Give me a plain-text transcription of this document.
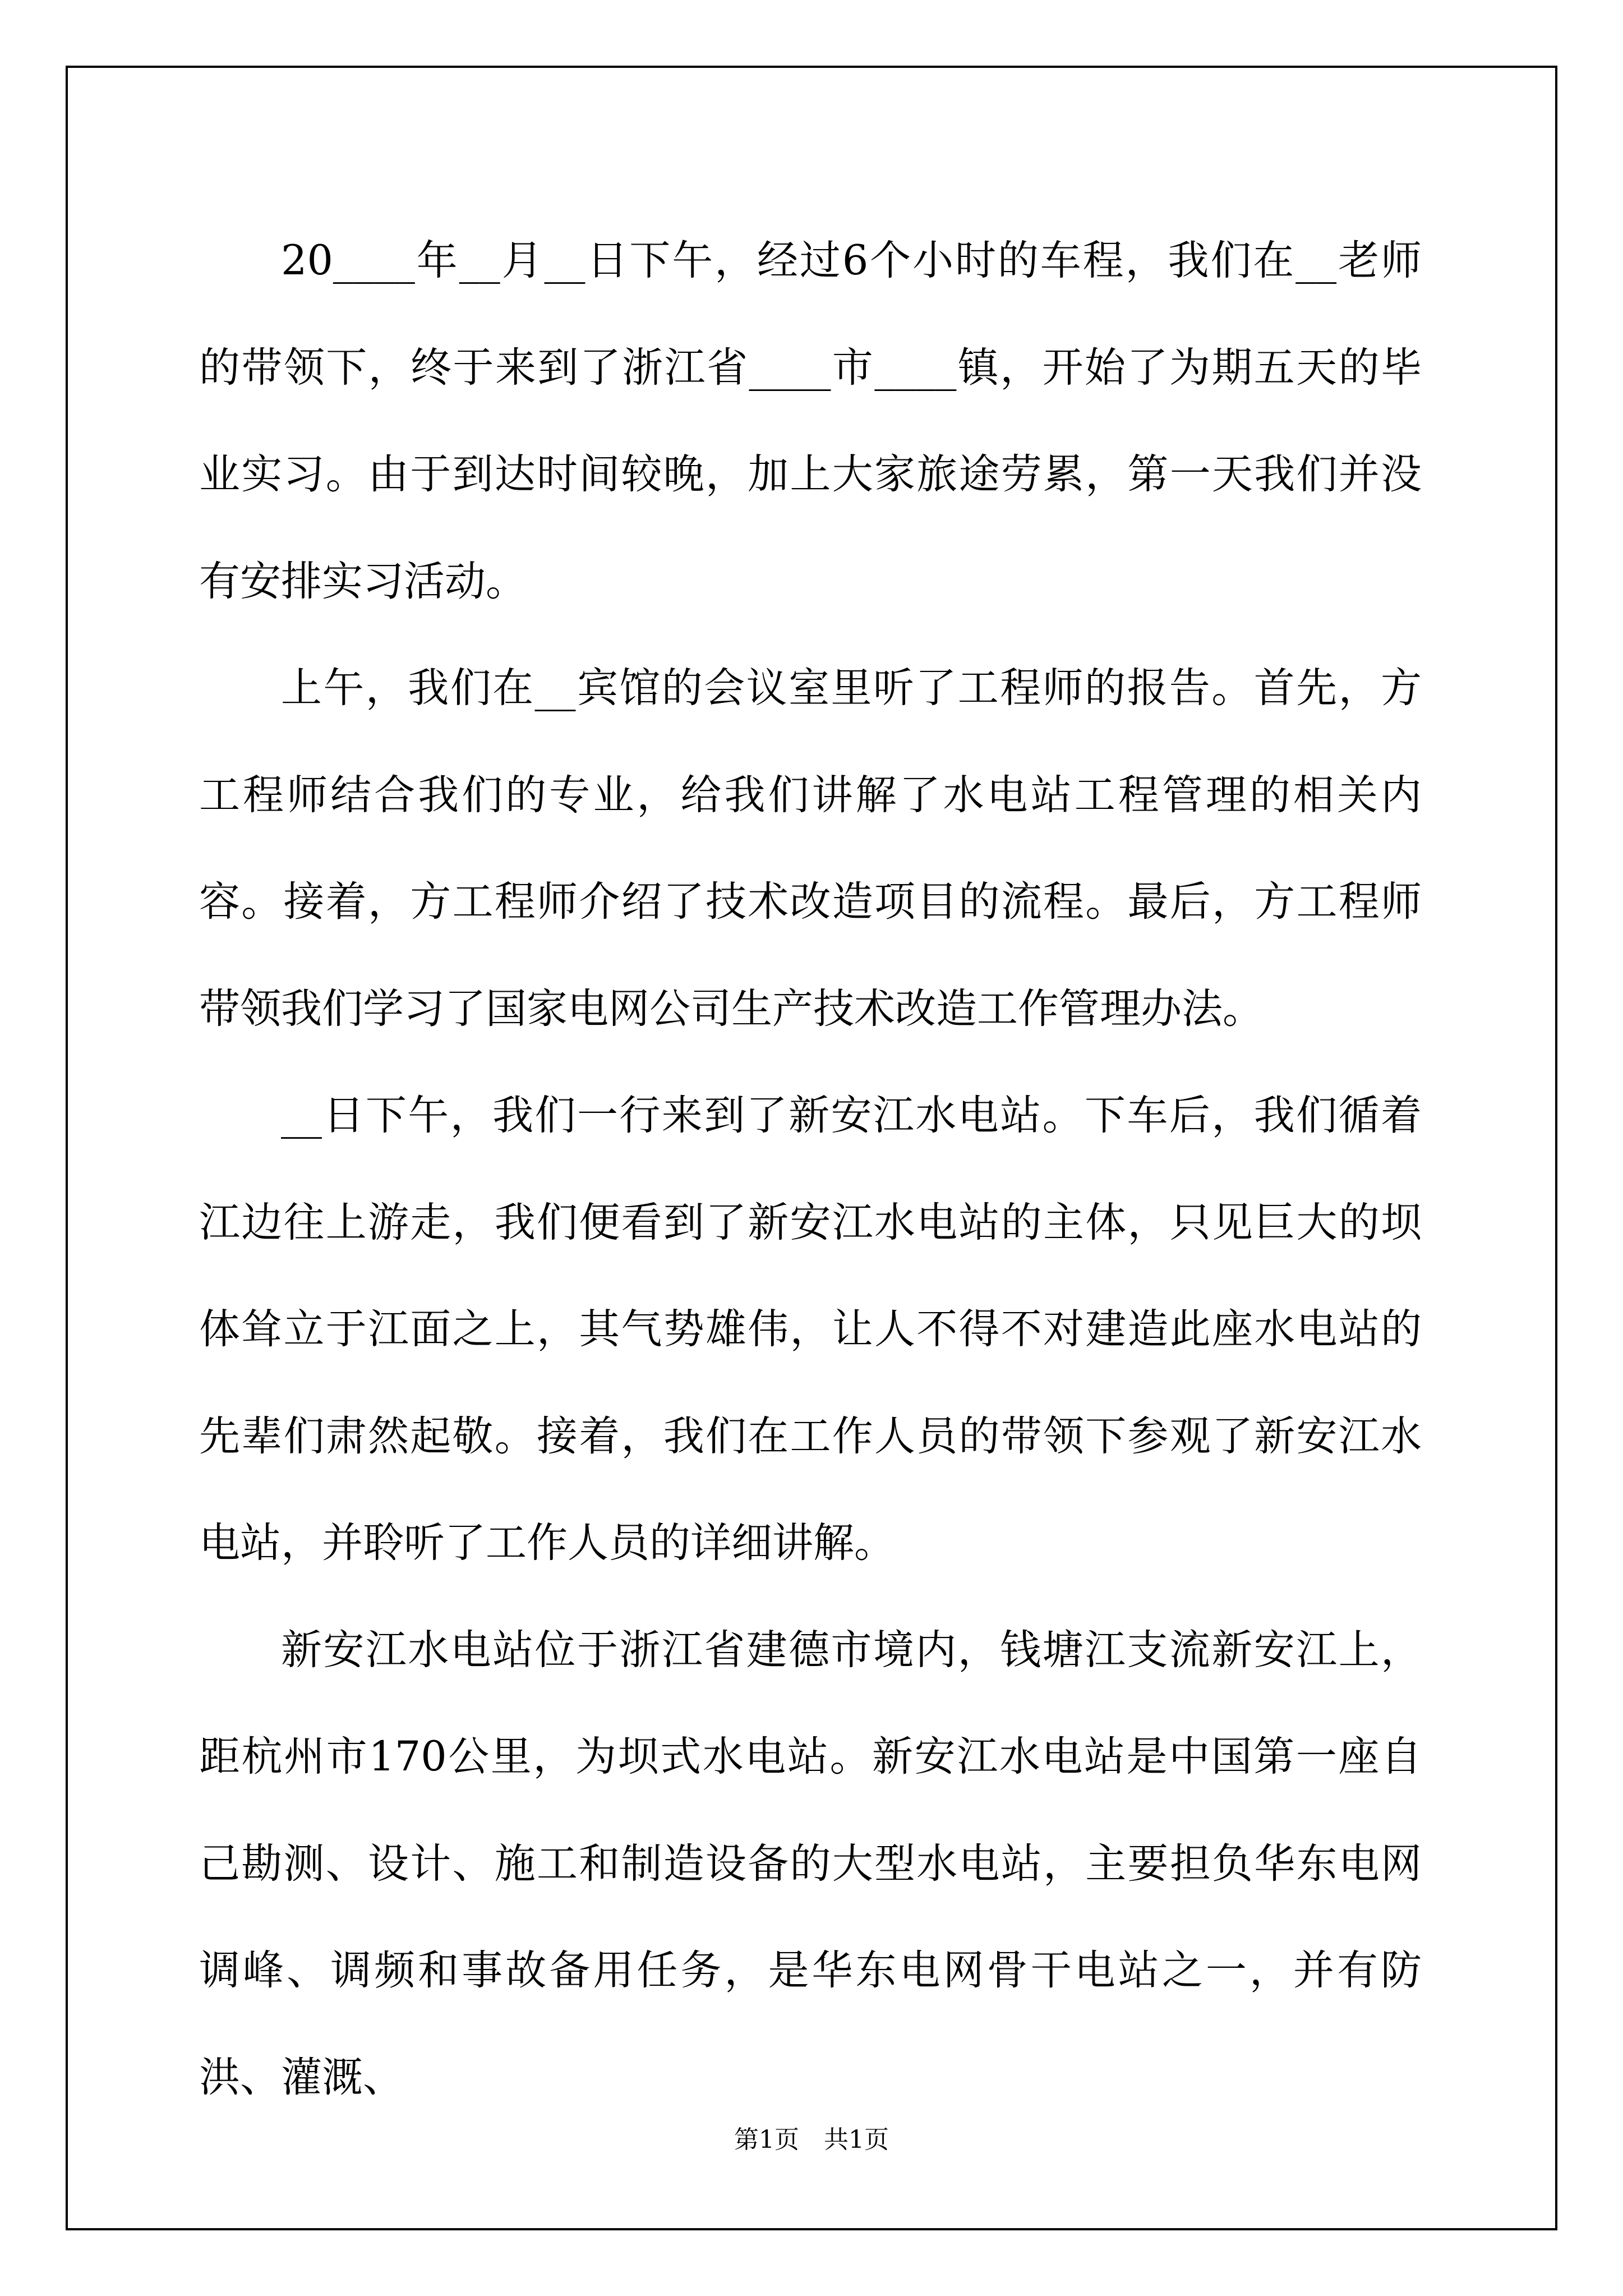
20____年__月__日下午，经过6个小时的车程，我们在__老师的带领下，终于来到了浙江省____市____镇，开始了为期五天的毕业实习。由于到达时间较晚，加上大家旅途劳累，第一天我们并没有安排实习活动。

上午，我们在__宾馆的会议室里听了工程师的报告。首先，方工程师结合我们的专业，给我们讲解了水电站工程管理的相关内容。接着，方工程师介绍了技术改造项目的流程。最后，方工程师带领我们学习了国家电网公司生产技术改造工作管理办法。

__日下午，我们一行来到了新安江水电站。下车后，我们循着江边往上游走，我们便看到了新安江水电站的主体，只见巨大的坝体耸立于江面之上，其气势雄伟，让人不得不对建造此座水电站的先辈们肃然起敬。接着，我们在工作人员的带领下参观了新安江水电站，并聆听了工作人员的详细讲解。

新安江水电站位于浙江省建德市境内，钱塘江支流新安江上，距杭州市170公里，为坝式水电站。新安江水电站是中国第一座自己勘测、设计、施工和制造设备的大型水电站，主要担负华东电网调峰、调频和事故备用任务，是华东电网骨干电站之一，并有防洪、灌溉、

第1页　共1页
